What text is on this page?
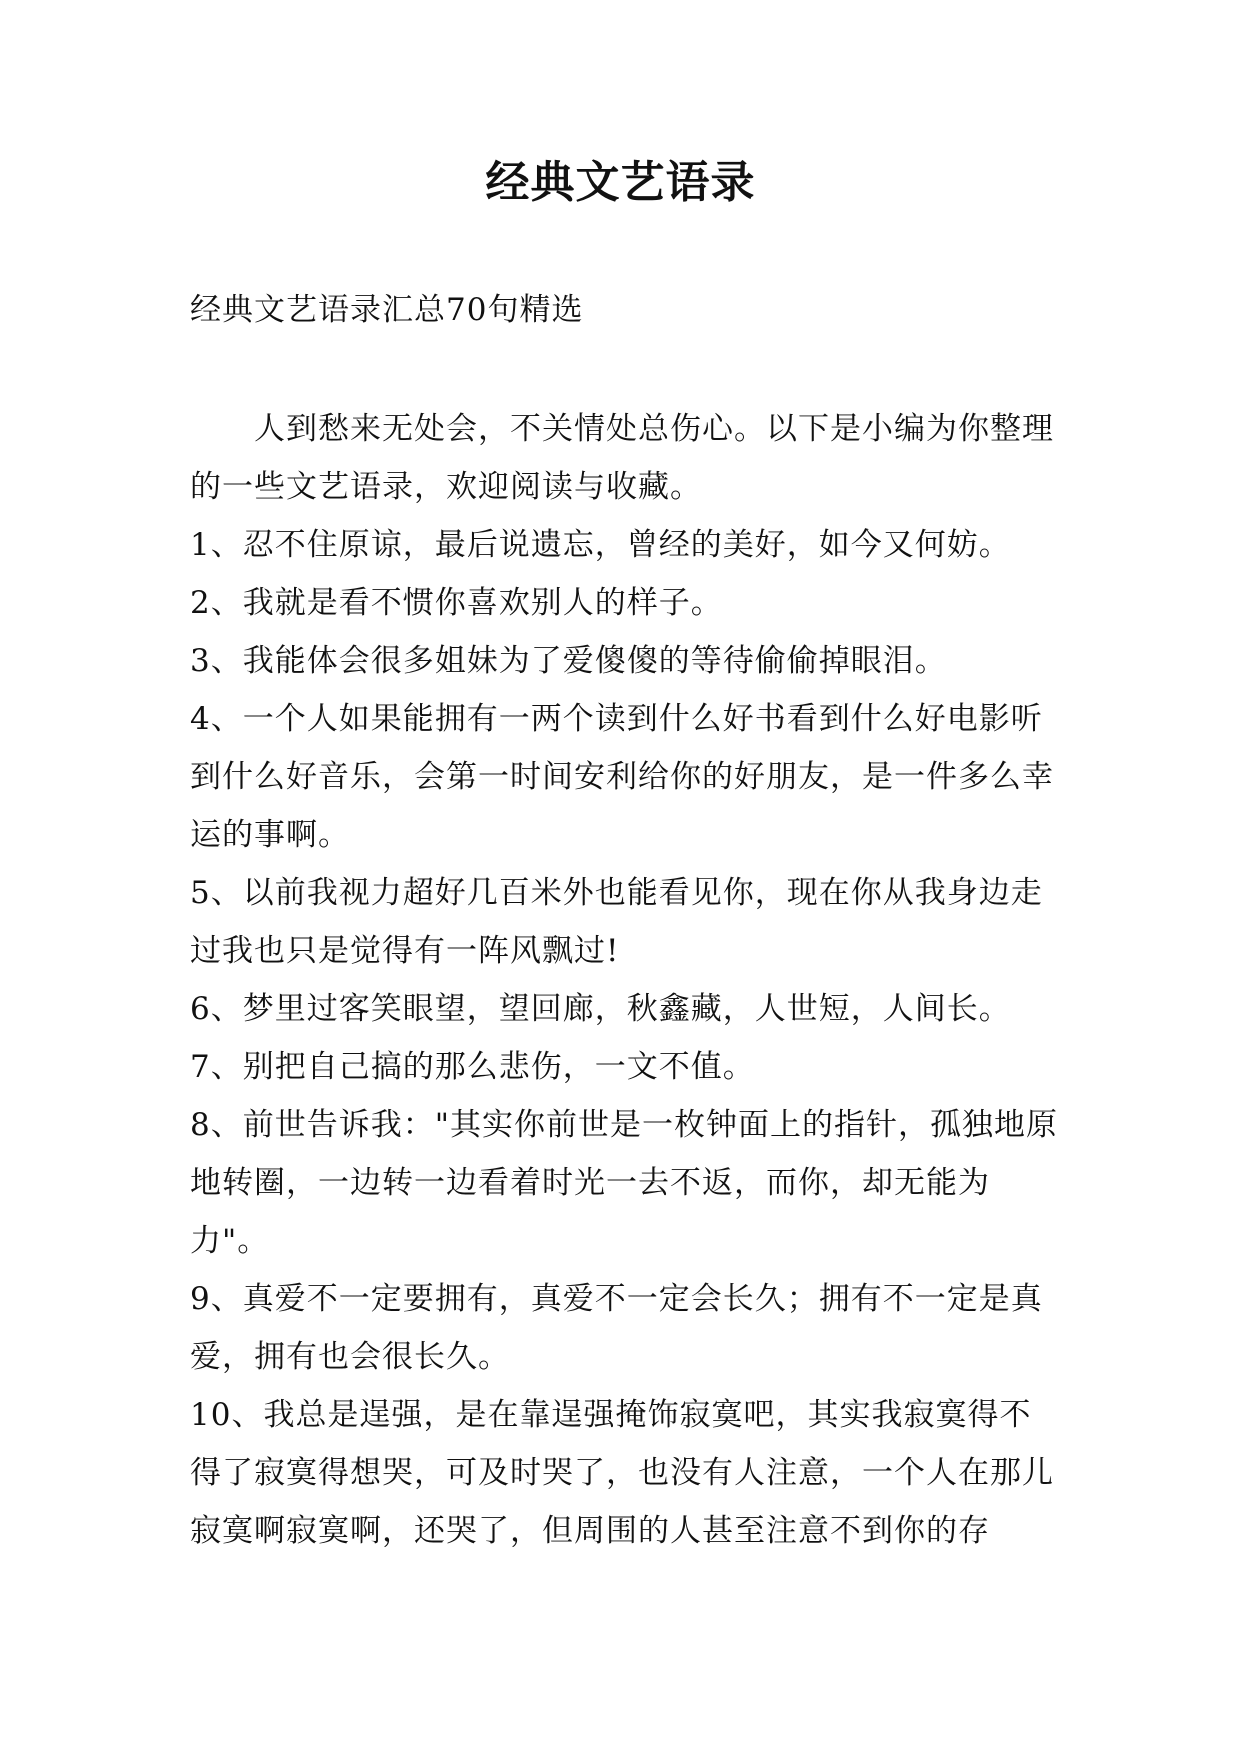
经典文艺语录

经典文艺语录汇总70句精选

人到愁来无处会，不关情处总伤心。以下是小编为你整理的一些文艺语录，欢迎阅读与收藏。

1、忍不住原谅，最后说遗忘，曾经的美好，如今又何妨。

2、我就是看不惯你喜欢别人的样子。

3、我能体会很多姐妹为了爱傻傻的等待偷偷掉眼泪。

4、一个人如果能拥有一两个读到什么好书看到什么好电影听到什么好音乐，会第一时间安利给你的好朋友，是一件多么幸运的事啊。

5、以前我视力超好几百米外也能看见你，现在你从我身边走过我也只是觉得有一阵风飘过!

6、梦里过客笑眼望，望回廊，秋鑫藏，人世短，人间长。

7、别把自己搞的那么悲伤，一文不值。

8、前世告诉我："其实你前世是一枚钟面上的指针，孤独地原地转圈，一边转一边看着时光一去不返，而你，却无能为力"。

9、真爱不一定要拥有，真爱不一定会长久；拥有不一定是真爱，拥有也会很长久。

10、我总是逞强，是在靠逞强掩饰寂寞吧，其实我寂寞得不得了寂寞得想哭，可及时哭了，也没有人注意，一个人在那儿寂寞啊寂寞啊，还哭了，但周围的人甚至注意不到你的存
